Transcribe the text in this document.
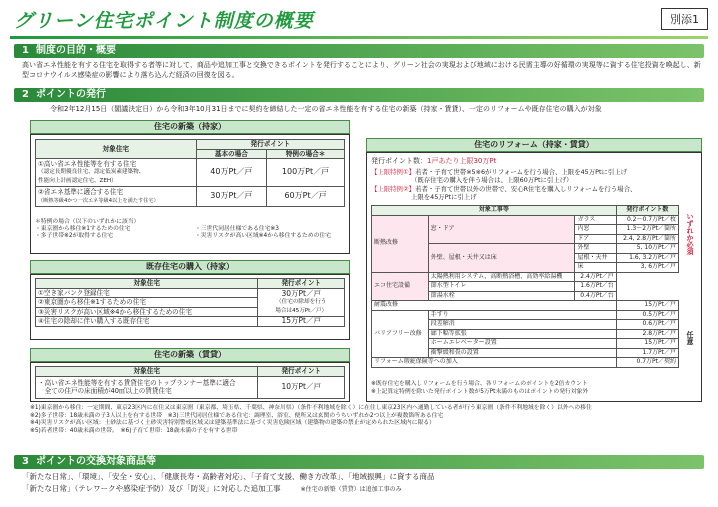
グリーン住宅ポイント制度の概要	別添1
1 制度の目的・概要
高い省エネ性能を有する住宅を取得する者等に対して、商品や追加工事と交換できるポイントを発行することにより、グリーン社会の実現および地域における民需主導の好循環の実現等に資する住宅投資を喚起し、新型コロナウイルス感染症の影響により落ち込んだ経済の回復を図る。
2 ポイントの発行
令和2年12月15日（閣議決定日）から令和3年10月31日までに契約を締結した一定の省エネ性能を有する住宅の新築（持家・賃貸）、一定のリフォームや既存住宅の購入が対象
住宅の新築（持家）
対象住宅	発行ポイント	
	基本の場合	特例の場合＊

①高い省エネ性能等を有する住宅
（認定長期優良住宅、認定低炭素建築物、
性能向上計画認定住宅、ZEH）	40万Pt／戸	100万Pt／戸

②省エネ基準に適合する住宅
（断熱等級4かつ一次エネ等級4以上を満たす住宅）	30万Pt／戸	60万Pt／戸
＊特例の場合（以下のいずれかに該当）
・東京圏から移住※1するための住宅
・多子世帯※2が取得する住宅
・三世代同居仕様である住宅※3
・災害リスクが高い区域※4から移住するための住宅
既存住宅の購入（持家）
対象住宅	発行ポイント
①空き家バンク登録住宅	30万Pt／戸
（住宅の除却を行う
場合は45万Pt／戸）

②東京圏から移住※1するための住宅	
③災害リスクが高い区域※4から移住するための住宅	
④住宅の除却に伴い購入する既存住宅	15万Pt／戸
住宅の新築（賃貸）
対象住宅	発行ポイント

・高い省エネ性能等を有する賃貸住宅のトップランナー基準に適合
　全ての住戸の床面積が40㎡以上の賃貸住宅	10万Pt／戸
住宅のリフォーム（持家・賃貸）
発行ポイント数：1戸あたり上限30万Pt
【上限特例①】若者・子育て世帯※5※6がリフォームを行う場合、上限を45万Ptに引上げ
（既存住宅の購入を伴う場合は、上限60万Ptに引上げ）
【上限特例②】若者・子育て世帯以外の世帯で、安心R住宅を購入しリフォームを行う場合、
上限を45万Ptに引上げ
対象工事等			発行ポイント数
断熱改修	窓・ドア	ガラス	0.2〜0.7万Pt／枚
		内窓	1.3〜2万Pt／箇所
		ドア	2.4, 2.8万Pt／箇所
	外壁、屋根・天井又は床	外壁	5, 10万Pt／戸
		屋根・天井	1.6, 3.2万Pt／戸
		床	3, 6万Pt／戸
エコ住宅設備	太陽熱利用システム、高断熱浴槽、高効率給湯機	2.4万Pt／戸	
	節水型トイレ	1.6万Pt／台	
	節湯水栓	0.4万Pt／台	
耐震改修			15万Pt／戸
バリアフリー改修	手すり		0.5万Pt／戸
	段差解消		0.6万Pt／戸
	廊下幅等拡張		2.8万Pt／戸
	ホームエレベーター設置		15万Pt／戸
	衝撃緩和畳の設置		1.7万Pt／戸
リフォーム瑕疵保険等への加入			0.7万Pt／契約
いずれか必須
任意
※既存住宅を購入しリフォームを行う場合、各リフォームのポイントを2倍カウント
※上記算定特例を除いた発行ポイント数が5万Pt未満のものはポイントの発行対象外
※1)東京圏から移住：一定期間、東京23区内に在住又は東京圏（東京都、埼玉県、千葉県、神奈川県）（条件不利地域を除く）に在住し東京23区内へ通勤している者が行う東京圏（条件不利地域を除く）以外への移住
※2)多子世帯：18歳未満の子3人以上を有する世帯　※3)三世代同居仕様である住宅：調理室、浴室、便所又は玄関のうちいずれか2つ以上が複数箇所ある住宅
※4)災害リスクが高い区域：土砂法に基づく土砂災害特別警戒区域又は建築基準法に基づく災害危険区域（建築物の建築の禁止が定められた区域内に限る）
※5)若者世帯：40歳未満の世帯。　※6)子育て世帯：18歳未満の子を有する世帯
3 ポイントの交換対象商品等
「新たな日常」、「環境」、「安全・安心」、「健康長寿・高齢者対応」、「子育て支援、働き方改革」、「地域振興」に資する商品
「新たな日常」（テレワークや感染症予防）及び「防災」に対応した追加工事	※住宅の新築（賃貸）は追加工事のみ
